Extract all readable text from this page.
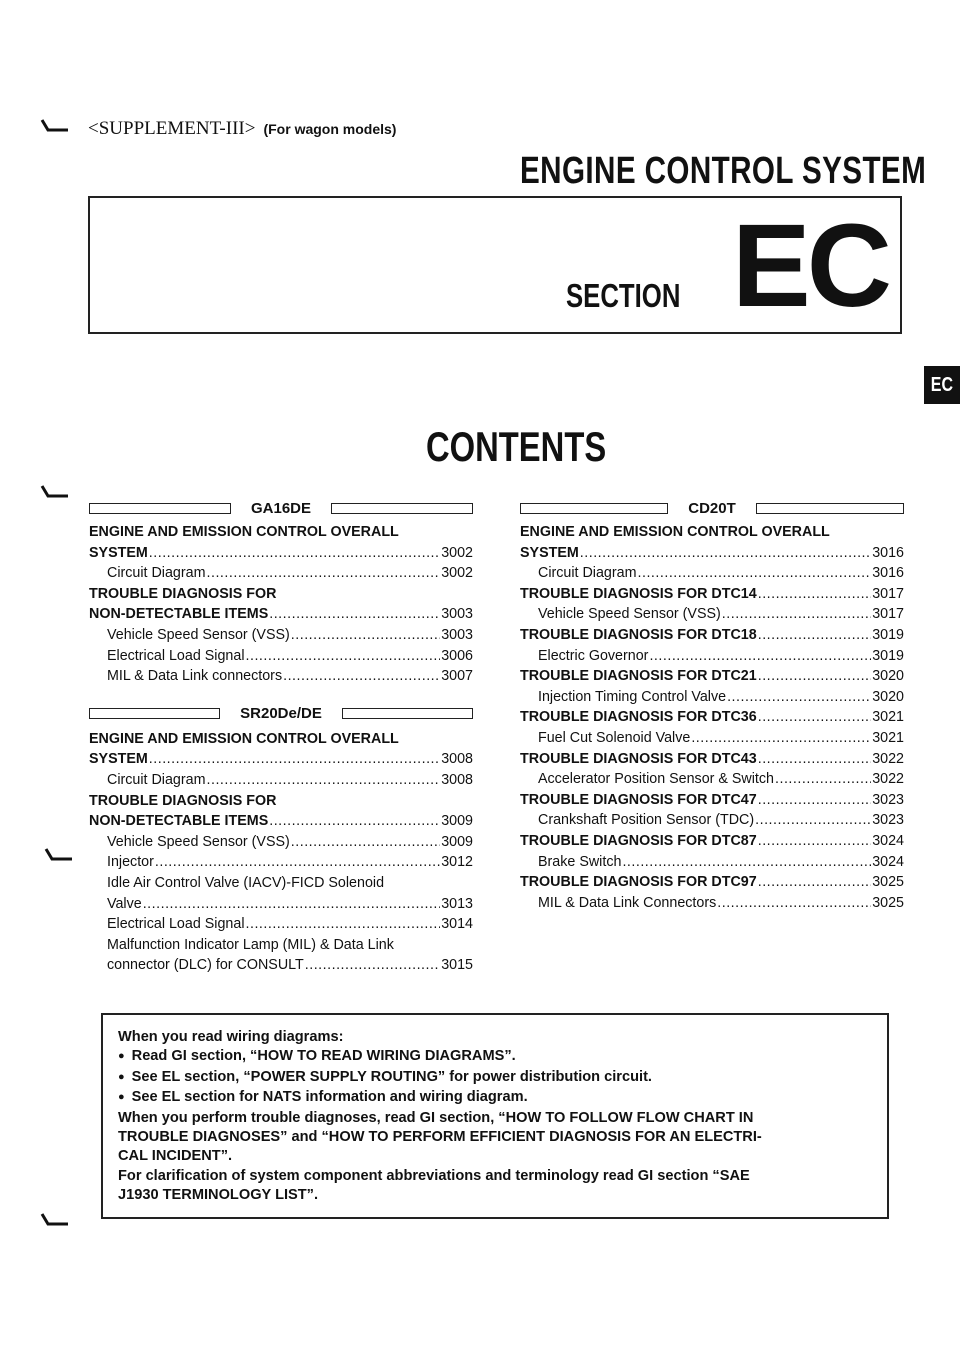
<SUPPLEMENT-III> (For wagon models)
ENGINE CONTROL SYSTEM
SECTION EC
EC
CONTENTS
GA16DE
ENGINE AND EMISSION CONTROL OVERALL
SYSTEM .....	3002
Circuit Diagram .....	3002
TROUBLE DIAGNOSIS FOR
NON-DETECTABLE ITEMS .....	3003
Vehicle Speed Sensor (VSS) .....	3003
Electrical Load Signal .....	3006
MIL & Data Link connectors .....	3007
SR20De/DE
ENGINE AND EMISSION CONTROL OVERALL
SYSTEM .....	3008
Circuit Diagram .....	3008
TROUBLE DIAGNOSIS FOR
NON-DETECTABLE ITEMS .....	3009
Vehicle Speed Sensor (VSS) .....	3009
Injector .....	3012
Idle Air Control Valve (IACV)-FICD Solenoid
Valve .....	3013
Electrical Load Signal .....	3014
Malfunction Indicator Lamp (MIL) & Data Link
connector (DLC) for CONSULT .....	3015
CD20T
ENGINE AND EMISSION CONTROL OVERALL
SYSTEM .....	3016
Circuit Diagram .....	3016
TROUBLE DIAGNOSIS FOR DTC14 .....	3017
Vehicle Speed Sensor (VSS) .....	3017
TROUBLE DIAGNOSIS FOR DTC18 .....	3019
Electric Governor .....	3019
TROUBLE DIAGNOSIS FOR DTC21 .....	3020
Injection Timing Control Valve .....	3020
TROUBLE DIAGNOSIS FOR DTC36 .....	3021
Fuel Cut Solenoid Valve .....	3021
TROUBLE DIAGNOSIS FOR DTC43 .....	3022
Accelerator Position Sensor & Switch .....	3022
TROUBLE DIAGNOSIS FOR DTC47 .....	3023
Crankshaft Position Sensor (TDC) .....	3023
TROUBLE DIAGNOSIS FOR DTC87 .....	3024
Brake Switch .....	3024
TROUBLE DIAGNOSIS FOR DTC97 .....	3025
MIL & Data Link Connectors .....	3025
When you read wiring diagrams:
● Read GI section, “HOW TO READ WIRING DIAGRAMS”.
● See EL section, “POWER SUPPLY ROUTING” for power distribution circuit.
● See EL section for NATS information and wiring diagram.
When you perform trouble diagnoses, read GI section, “HOW TO FOLLOW FLOW CHART IN
TROUBLE DIAGNOSES” and “HOW TO PERFORM EFFICIENT DIAGNOSIS FOR AN ELECTRI-
CAL INCIDENT”.
For clarification of system component abbreviations and terminology read GI section “SAE
J1930 TERMINOLOGY LIST”.
